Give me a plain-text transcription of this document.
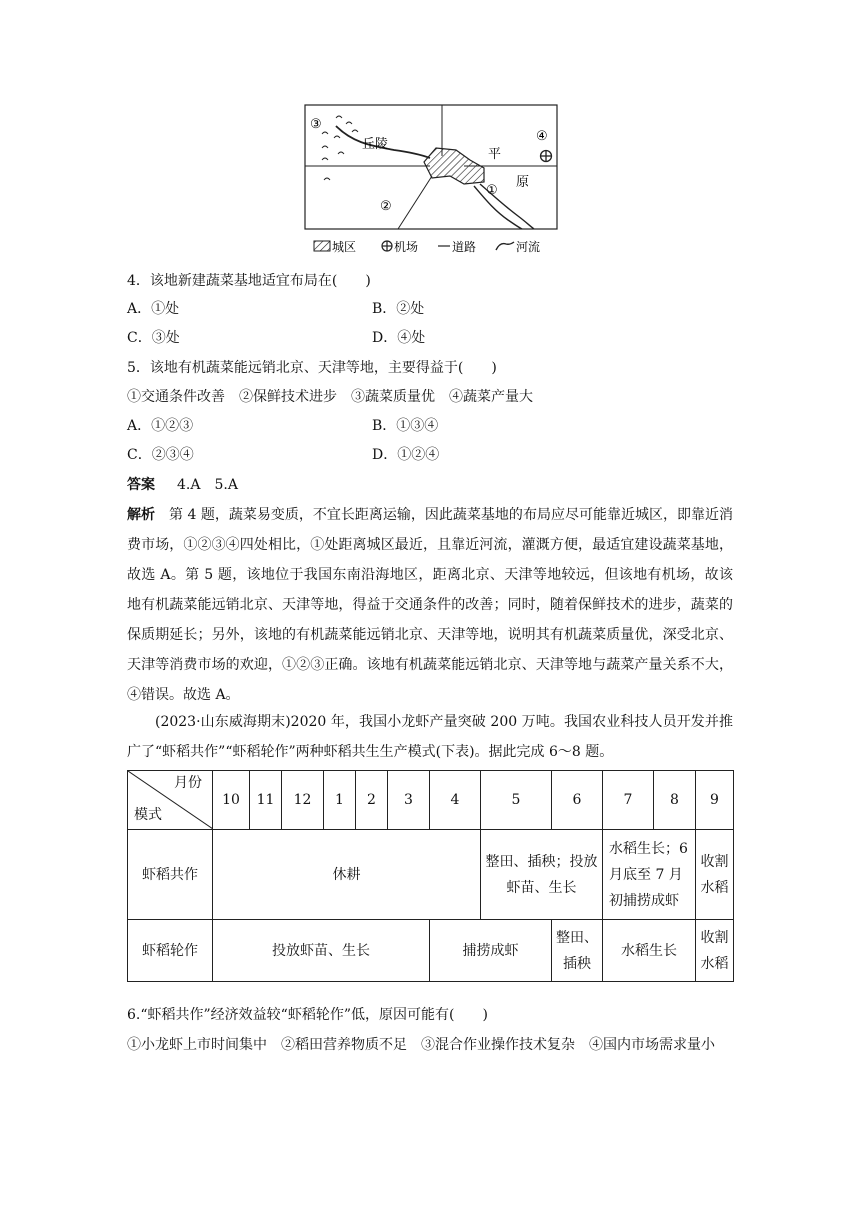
③
丘陵
平
④
①
原
②
城区	机场	道路	河流
4．该地新建蔬菜基地适宜布局在(　　)
A．①处	B．②处
C．③处	D．④处
5．该地有机蔬菜能远销北京、天津等地，主要得益于(　　)
①交通条件改善　②保鲜技术进步　③蔬菜质量优　④蔬菜产量大
A．①②③	B．①③④
C．②③④	D．①②④
答案 4.A　5.A

解析 第 4 题，蔬菜易变质，不宜长距离运输，因此蔬菜基地的布局应尽可能靠近城区，即靠近消费市场，①②③④四处相比，①处距离城区最近，且靠近河流，灌溉方便，最适宜建设蔬菜基地，故选 A。第 5 题，该地位于我国东南沿海地区，距离北京、天津等地较远，但该地有机场，故该地有机蔬菜能远销北京、天津等地，得益于交通条件的改善；同时，随着保鲜技术的进步，蔬菜的保质期延长；另外，该地的有机蔬菜能远销北京、天津等地，说明其有机蔬菜质量优，深受北京、天津等消费市场的欢迎，①②③正确。该地有机蔬菜能远销北京、天津等地与蔬菜产量关系不大，④错误。故选 A。

(2023·山东威海期末)2020 年，我国小龙虾产量突破 200 万吨。我国农业科技人员开发并推广了“虾稻共作”“虾稻轮作”两种虾稻共生生产模式(下表)。据此完成 6～8 题。

月份
模式	10	11	12	1	2	3	4	5	6	7	8	9
虾稻共作	休耕							整田、插秧；投放虾苗、生长		水稻生长；6月底至 7 月初捕捞成虾		收割水稻
虾稻轮作	投放虾苗、生长						捕捞成虾		整田、插秧	水稻生长		收割水稻
6.“虾稻共作”经济效益较“虾稻轮作”低，原因可能有(　　)

①小龙虾上市时间集中　②稻田营养物质不足　③混合作业操作技术复杂　④国内市场需求量小
